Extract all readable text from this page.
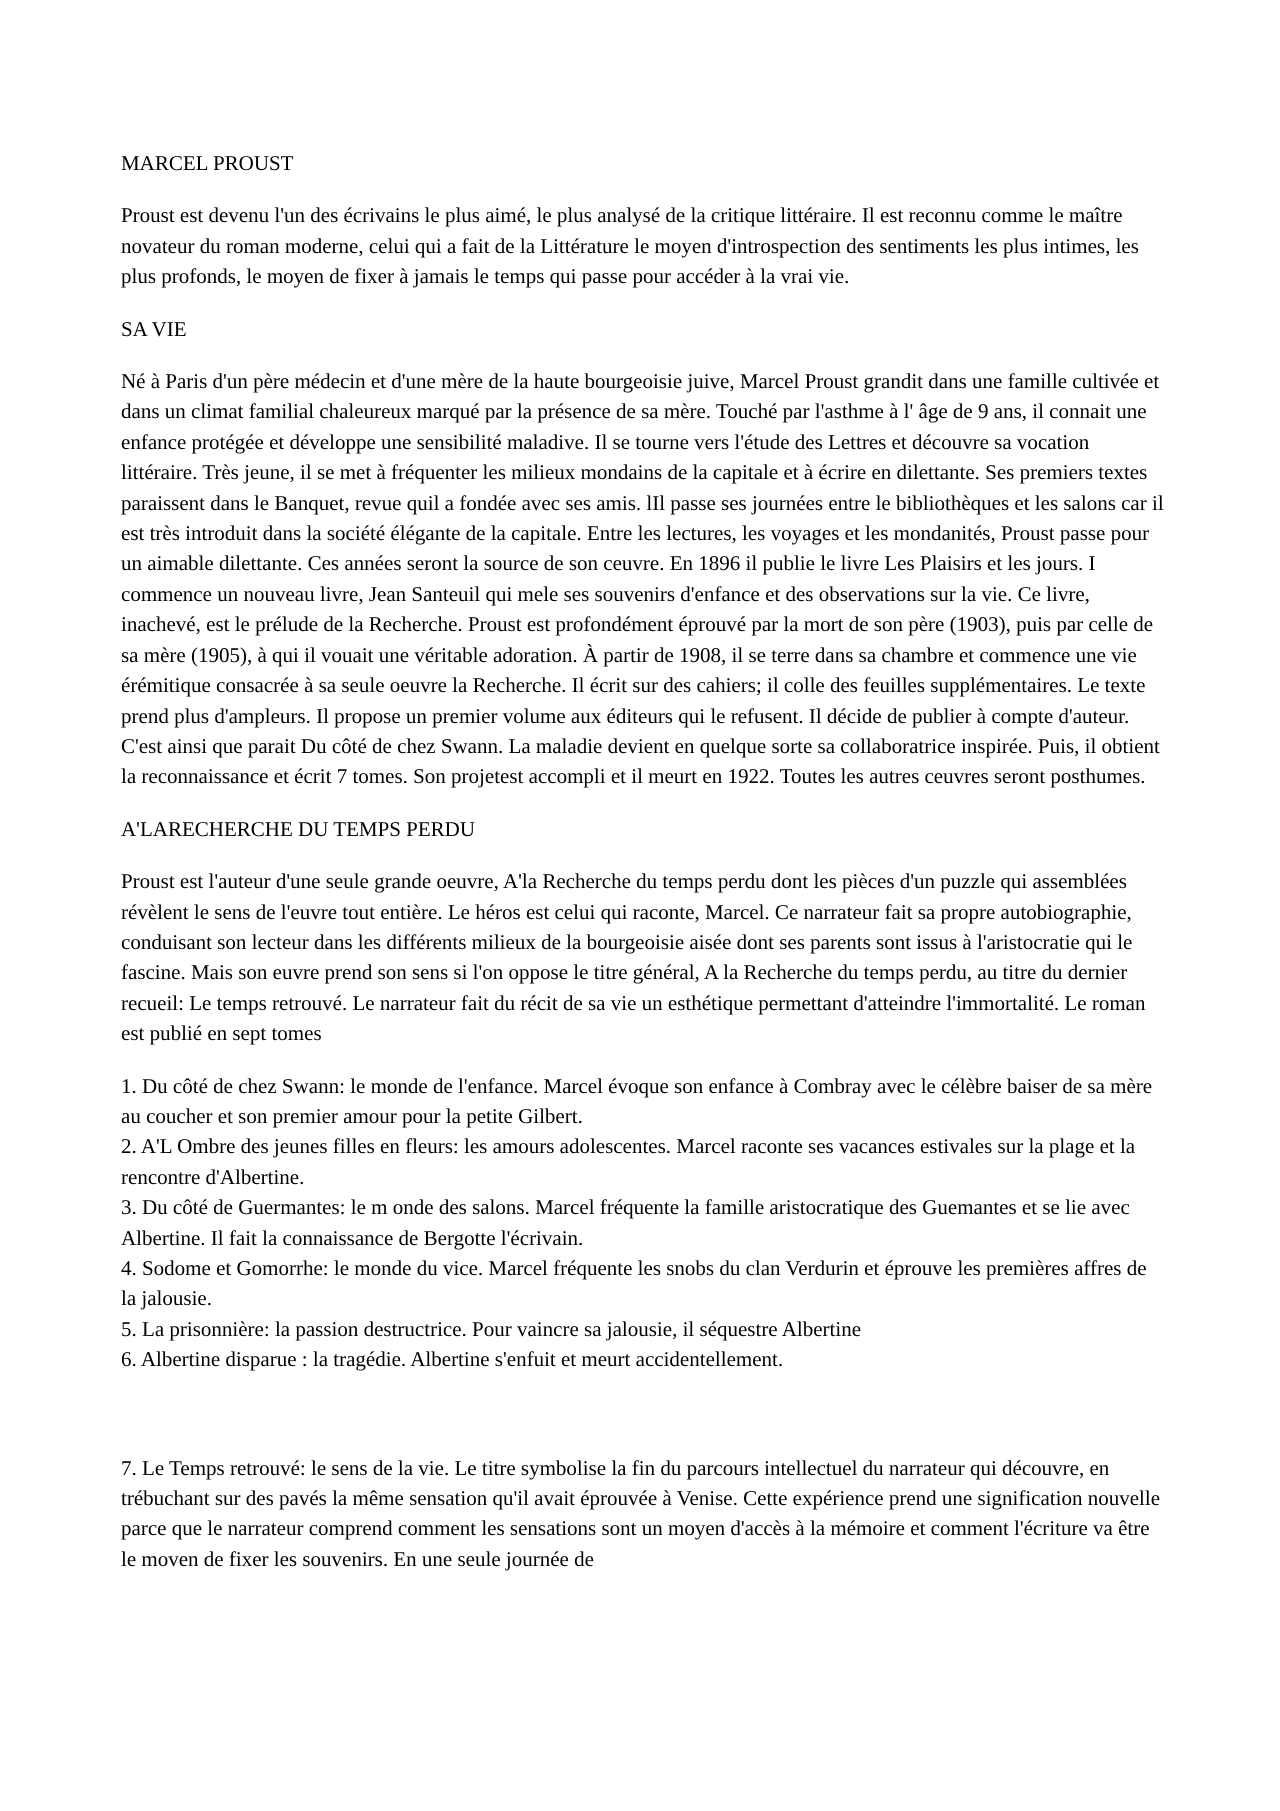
MARCEL PROUST

Proust est devenu l'un des écrivains le plus aimé, le plus analysé de la critique littéraire. Il est reconnu comme le maître novateur du roman moderne, celui qui a fait de la Littérature le moyen d'introspection des sentiments les plus intimes, les plus profonds, le moyen de fixer à jamais le temps qui passe pour accéder à la vrai vie.

SA VIE

Né à Paris d'un père médecin et d'une mère de la haute bourgeoisie juive, Marcel Proust grandit dans une famille cultivée et dans un climat familial chaleureux marqué par la présence de sa mère. Touché par l'asthme à l' âge de 9 ans, il connait une enfance protégée et développe une sensibilité maladive. Il se tourne vers l'étude des Lettres et découvre sa vocation littéraire. Très jeune, il se met à fréquenter les milieux mondains de la capitale et à écrire en dilettante. Ses premiers textes paraissent dans le Banquet, revue quil a fondée avec ses amis. lIl passe ses journées entre le bibliothèques et les salons car il est très introduit dans la société élégante de la capitale. Entre les lectures, les voyages et les mondanités, Proust passe pour un aimable dilettante. Ces années seront la source de son ceuvre. En 1896 il publie le livre Les Plaisirs et les jours. I commence un nouveau livre, Jean Santeuil qui mele ses souvenirs d'enfance et des observations sur la vie. Ce livre, inachevé, est le prélude de la Recherche. Proust est profondément éprouvé par la mort de son père (1903), puis par celle de sa mère (1905), à qui il vouait une véritable adoration. À partir de 1908, il se terre dans sa chambre et commence une vie érémitique consacrée à sa seule oeuvre la Recherche. Il écrit sur des cahiers; il colle des feuilles supplémentaires. Le texte prend plus d'ampleurs. Il propose un premier volume aux éditeurs qui le refusent. Il décide de publier à compte d'auteur. C'est ainsi que parait Du côté de chez Swann. La maladie devient en quelque sorte sa collaboratrice inspirée. Puis, il obtient la reconnaissance et écrit 7 tomes. Son projetest accompli et il meurt en 1922. Toutes les autres ceuvres seront posthumes.

A'LARECHERCHE DU TEMPS PERDU

Proust est l'auteur d'une seule grande oeuvre, A'la Recherche du temps perdu dont les pièces d'un puzzle qui assemblées révèlent le sens de l'euvre tout entière. Le héros est celui qui raconte, Marcel. Ce narrateur fait sa propre autobiographie, conduisant son lecteur dans les différents milieux de la bourgeoisie aisée dont ses parents sont issus à l'aristocratie qui le fascine. Mais son euvre prend son sens si l'on oppose le titre général, A la Recherche du temps perdu, au titre du dernier recueil: Le temps retrouvé. Le narrateur fait du récit de sa vie un esthétique permettant d'atteindre l'immortalité. Le roman est publié en sept tomes

1. Du côté de chez Swann: le monde de l'enfance. Marcel évoque son enfance à Combray avec le célèbre baiser de sa mère au coucher et son premier amour pour la petite Gilbert.
2. A'L Ombre des jeunes filles en fleurs: les amours adolescentes. Marcel raconte ses vacances estivales sur la plage et la rencontre d'Albertine.
3. Du côté de Guermantes: le m onde des salons. Marcel fréquente la famille aristocratique des Guemantes et se lie avec Albertine. Il fait la connaissance de Bergotte l'écrivain.
4. Sodome et Gomorrhe: le monde du vice. Marcel fréquente les snobs du clan Verdurin et éprouve les premières affres de la jalousie.
5. La prisonnière: la passion destructrice. Pour vaincre sa jalousie, il séquestre Albertine
6. Albertine disparue : la tragédie. Albertine s'enfuit et meurt accidentellement.

7. Le Temps retrouvé: le sens de la vie. Le titre symbolise la fin du parcours intellectuel du narrateur qui découvre, en trébuchant sur des pavés la même sensation qu'il avait éprouvée à Venise. Cette expérience prend une signification nouvelle parce que le narrateur comprend comment les sensations sont un moyen d'accès à la mémoire et comment l'écriture va être le moven de fixer les souvenirs. En une seule journée de
